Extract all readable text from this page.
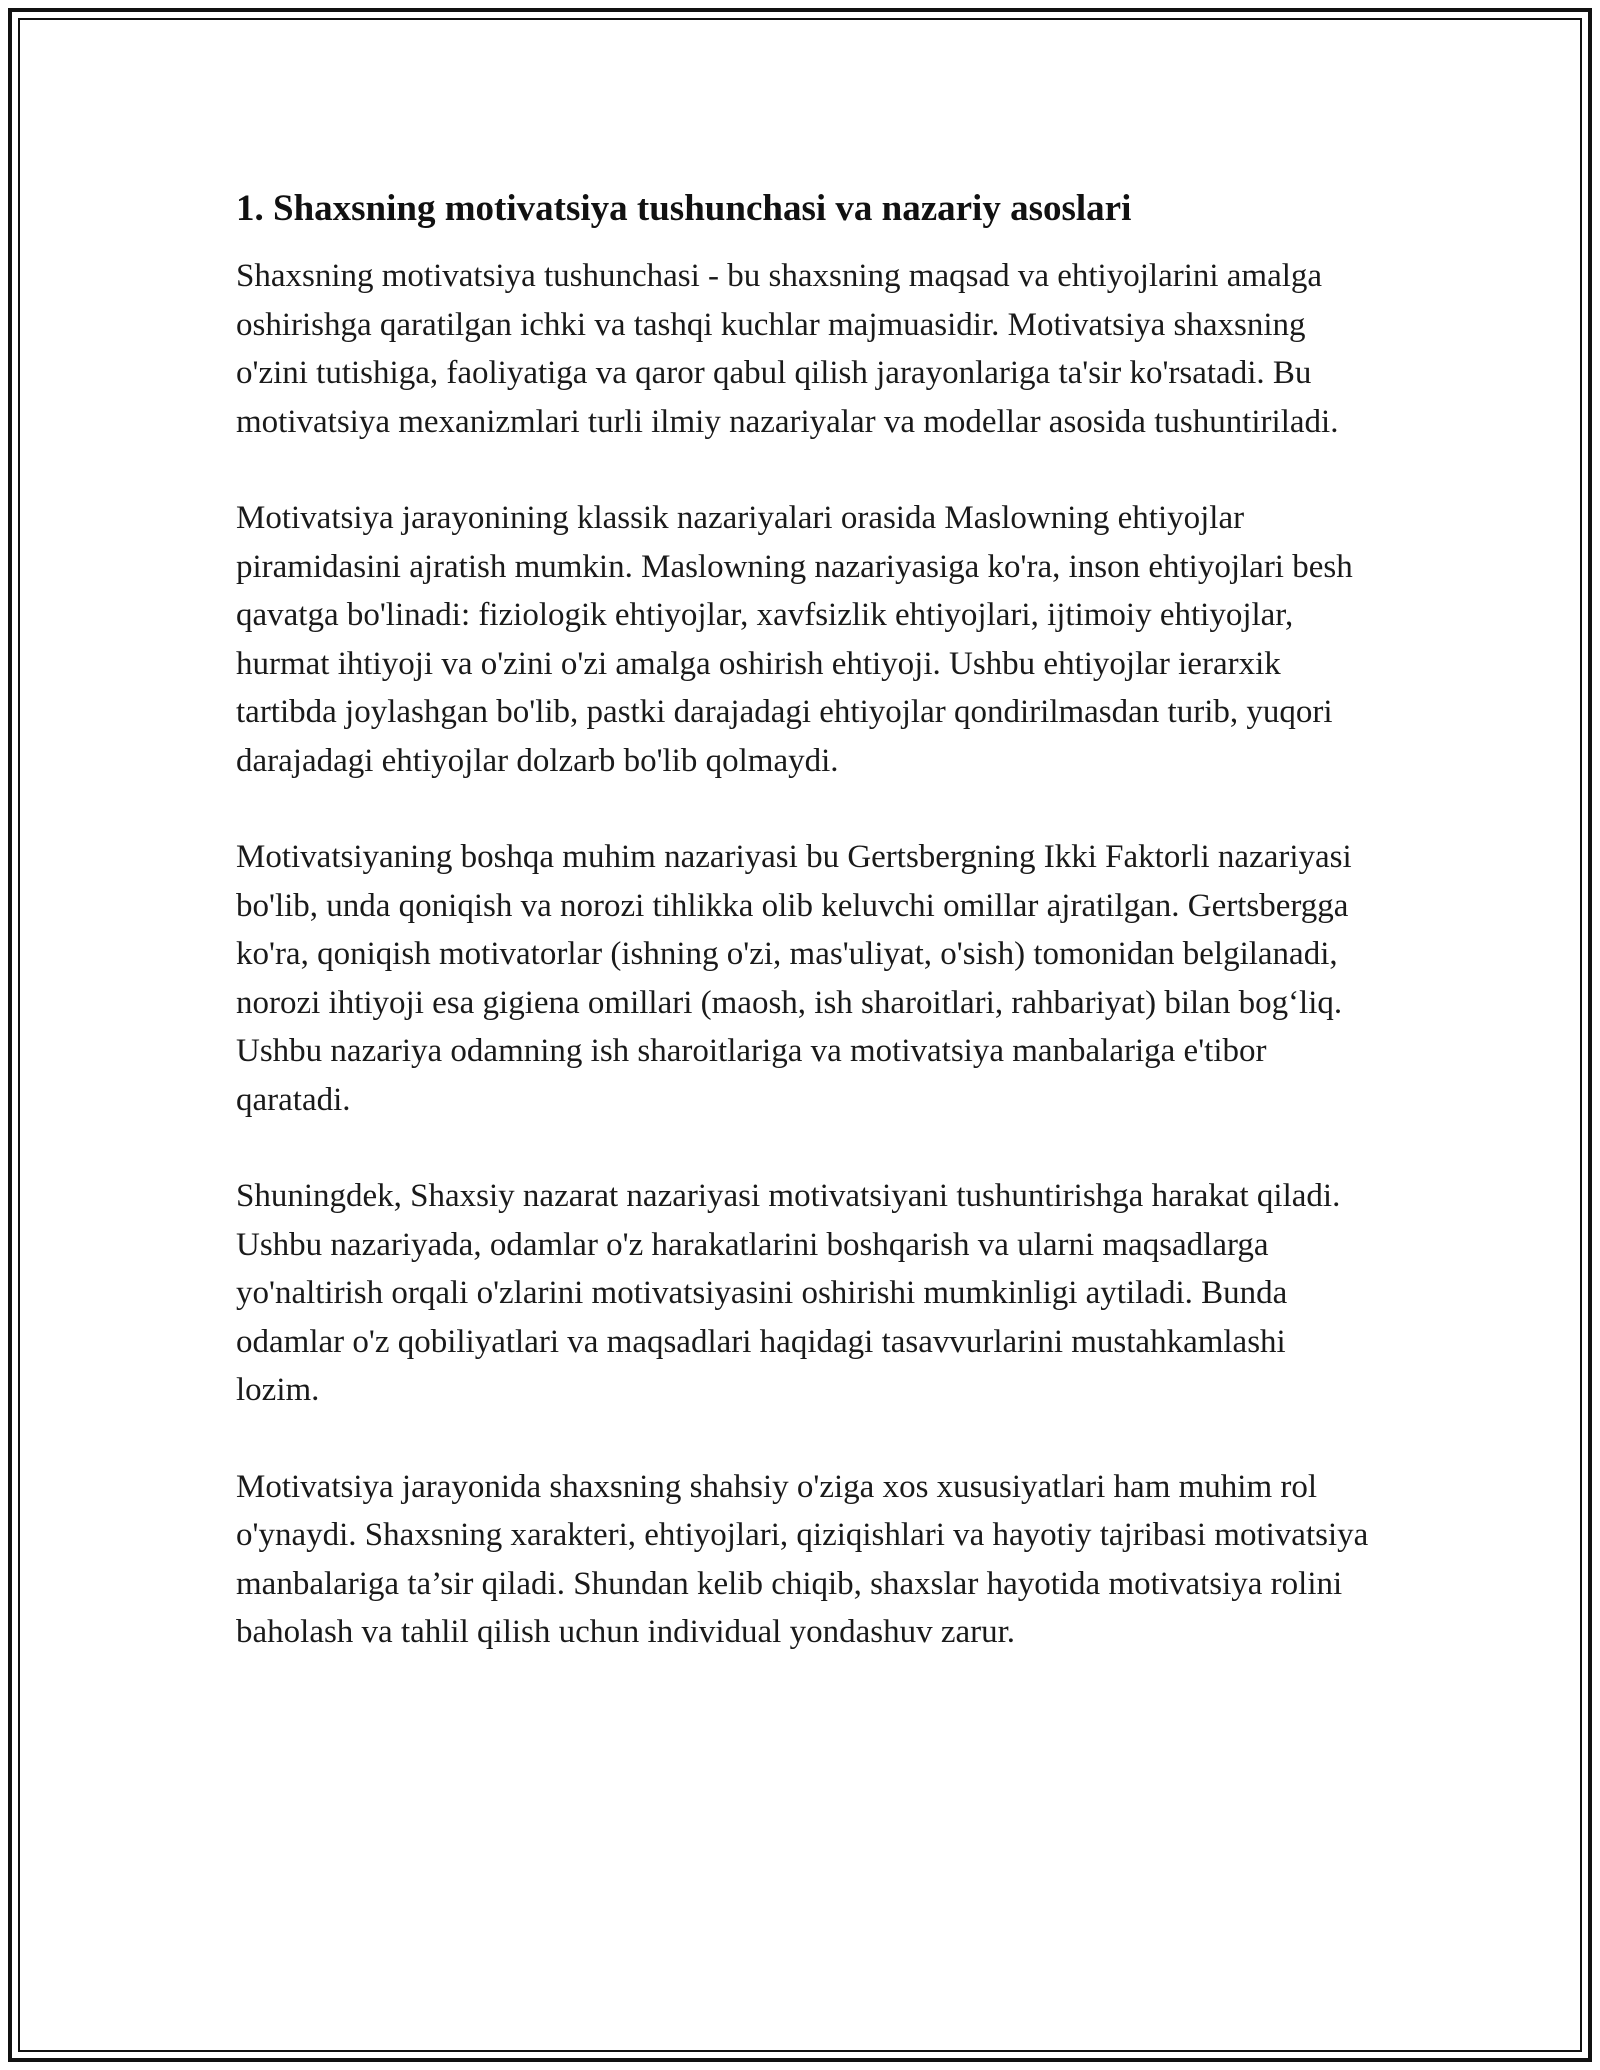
1. Shaxsning motivatsiya tushunchasi va nazariy asoslari

Shaxsning motivatsiya tushunchasi - bu shaxsning maqsad va ehtiyojlarini amalga oshirishga qaratilgan ichki va tashqi kuchlar majmuasidir. Motivatsiya shaxsning o'zini tutishiga, faoliyatiga va qaror qabul qilish jarayonlariga ta'sir ko'rsatadi. Bu motivatsiya mexanizmlari turli ilmiy nazariyalar va modellar asosida tushuntiriladi.

Motivatsiya jarayonining klassik nazariyalari orasida Maslowning ehtiyojlar piramidasini ajratish mumkin. Maslowning nazariyasiga ko'ra, inson ehtiyojlari besh qavatga bo'linadi: fiziologik ehtiyojlar, xavfsizlik ehtiyojlari, ijtimoiy ehtiyojlar, hurmat ihtiyoji va o'zini o'zi amalga oshirish ehtiyoji. Ushbu ehtiyojlar ierarxik tartibda joylashgan bo'lib, pastki darajadagi ehtiyojlar qondirilmasdan turib, yuqori darajadagi ehtiyojlar dolzarb bo'lib qolmaydi.

Motivatsiyaning boshqa muhim nazariyasi bu Gertsbergning Ikki Faktorli nazariyasi bo'lib, unda qoniqish va norozi tihlikka olib keluvchi omillar ajratilgan. Gertsbergga ko'ra, qoniqish motivatorlar (ishning o'zi, mas'uliyat, o'sish) tomonidan belgilanadi, norozi ihtiyoji esa gigiena omillari (maosh, ish sharoitlari, rahbariyat) bilan bog‘liq. Ushbu nazariya odamning ish sharoitlariga va motivatsiya manbalariga e'tibor qaratadi.

Shuningdek, Shaxsiy nazarat nazariyasi motivatsiyani tushuntirishga harakat qiladi. Ushbu nazariyada, odamlar o'z harakatlarini boshqarish va ularni maqsadlarga yo'naltirish orqali o'zlarini motivatsiyasini oshirishi mumkinligi aytiladi. Bunda odamlar o'z qobiliyatlari va maqsadlari haqidagi tasavvurlarini mustahkamlashi lozim.

Motivatsiya jarayonida shaxsning shahsiy o'ziga xos xususiyatlari ham muhim rol o'ynaydi. Shaxsning xarakteri, ehtiyojlari, qiziqishlari va hayotiy tajribasi motivatsiya manbalariga ta’sir qiladi. Shundan kelib chiqib, shaxslar hayotida motivatsiya rolini baholash va tahlil qilish uchun individual yondashuv zarur.
